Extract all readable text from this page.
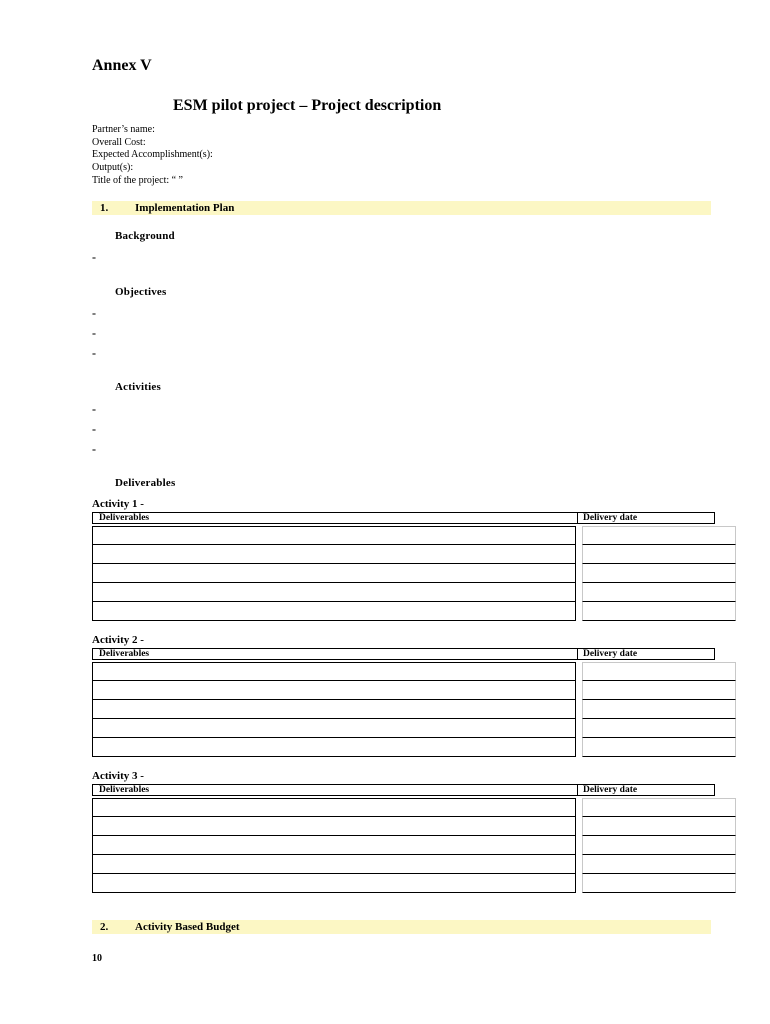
Annex V
ESM pilot project – Project description
Partner’s name:
Overall Cost:
Expected Accomplishment(s):
Output(s):
Title of the project: “ ”
1. Implementation Plan
Background
-
Objectives
-
-
-
Activities
-
-
-
Deliverables
Activity 1 -
Deliverables	Delivery date
Activity 2 -
Deliverables	Delivery date
Activity 3 -
Deliverables	Delivery date
2. Activity Based Budget
10
